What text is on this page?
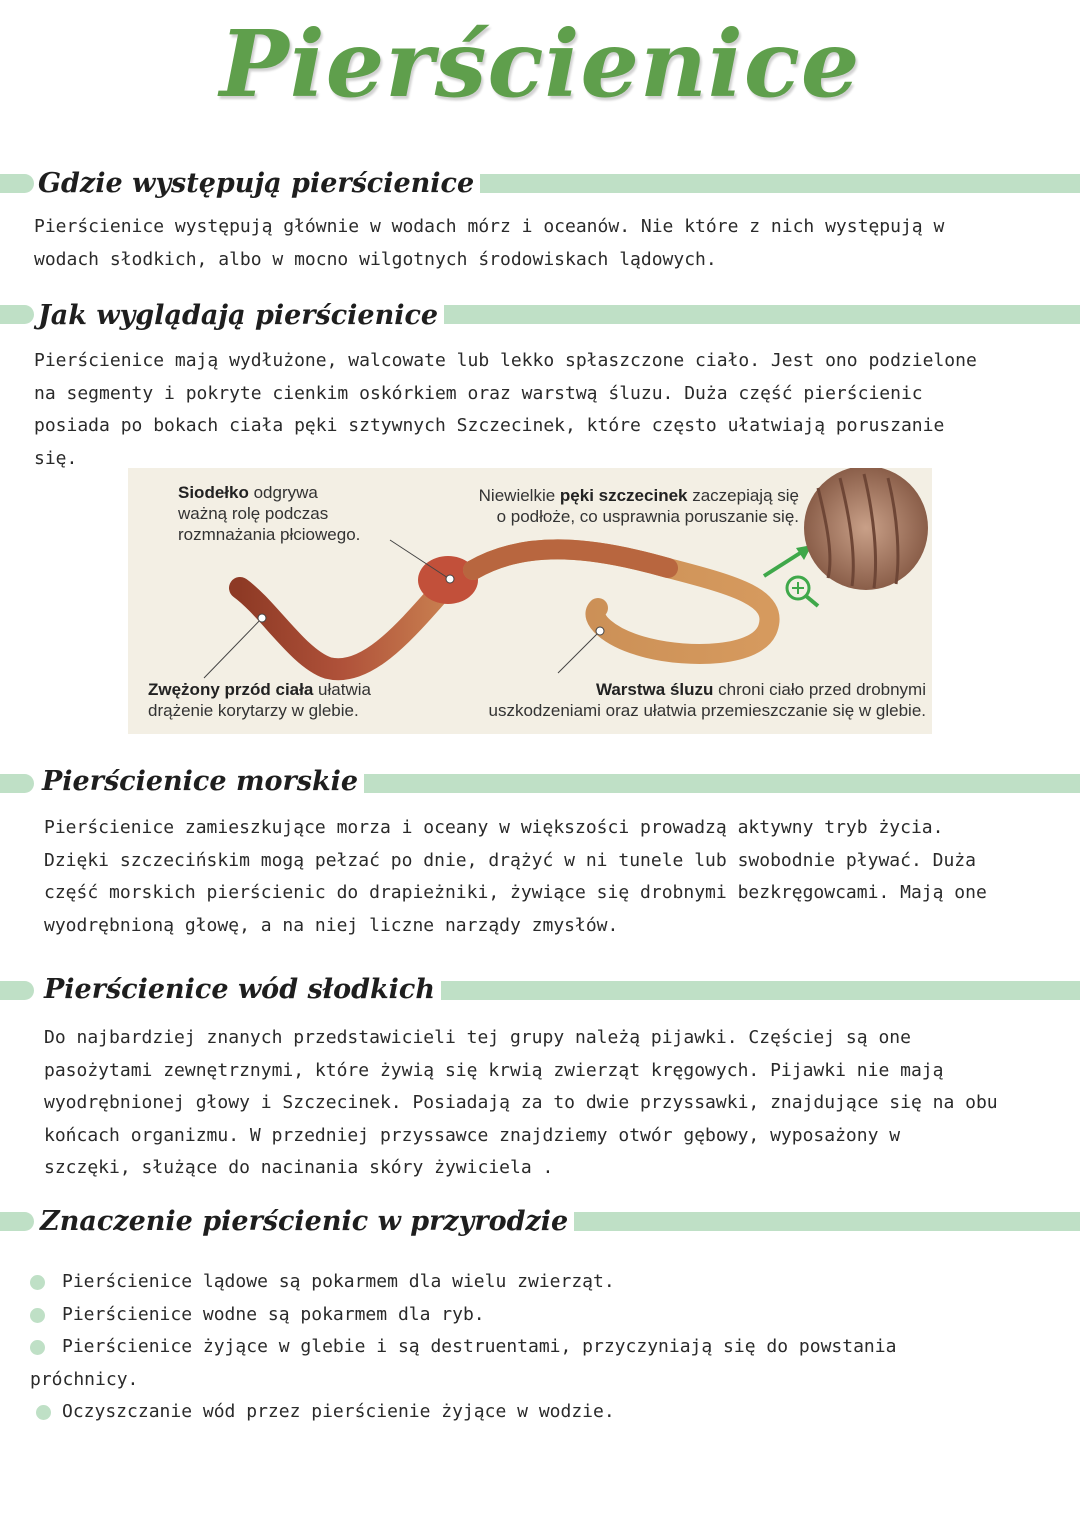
Pierścienice
Gdzie występują pierścienice

Pierścienice występują głównie w wodach mórz i oceanów. Nie które z nich występują w
wodach słodkich, albo w mocno wilgotnych środowiskach lądowych.

Jak wyglądają pierścienice

Pierścienice mają wydłużone, walcowate lub lekko spłaszczone ciało. Jest ono podzielone
na segmenty i pokryte cienkim oskórkiem oraz warstwą śluzu. Duża część pierścienic
posiada po bokach ciała pęki sztywnych Szczecinek, które często ułatwiają poruszanie
się.

Siodełko odgrywa
ważną rolę podczas
rozmnażania płciowego.
Niewielkie pęki szczecinek zaczepiają się
o podłoże, co usprawnia poruszanie się.
Zwężony przód ciała ułatwia
drążenie korytarzy w glebie.
Warstwa śluzu chroni ciało przed drobnymi
uszkodzeniami oraz ułatwia przemieszczanie się w glebie.
Pierścienice morskie

Pierścienice zamieszkujące morza i oceany w większości prowadzą aktywny tryb życia.
Dzięki szczecińskim mogą pełzać po dnie, drążyć w ni tunele lub swobodnie pływać. Duża
część morskich pierścienic do drapieżniki, żywiące się drobnymi bezkręgowcami. Mają one
wyodrębnioną głowę, a na niej liczne narządy zmysłów.

Pierścienice wód słodkich

Do najbardziej znanych przedstawicieli tej grupy należą pijawki. Częściej są one
pasożytami zewnętrznymi, które żywią się krwią zwierząt kręgowych. Pijawki nie mają
wyodrębnionej głowy i Szczecinek. Posiadają za to dwie przyssawki, znajdujące się na obu
końcach organizmu. W przedniej przyssawce znajdziemy otwór gębowy, wyposażony w
szczęki, służące do nacinania skóry żywiciela .

Znaczenie pierścienic w przyrodzie
Pierścienice lądowe są pokarmem dla wielu zwierząt.
Pierścienice wodne są pokarmem dla ryb.
Pierścienice żyjące w glebie i są destruentami, przyczyniają się do powstania próchnicy.
Oczyszczanie wód przez pierścienie żyjące w wodzie.
